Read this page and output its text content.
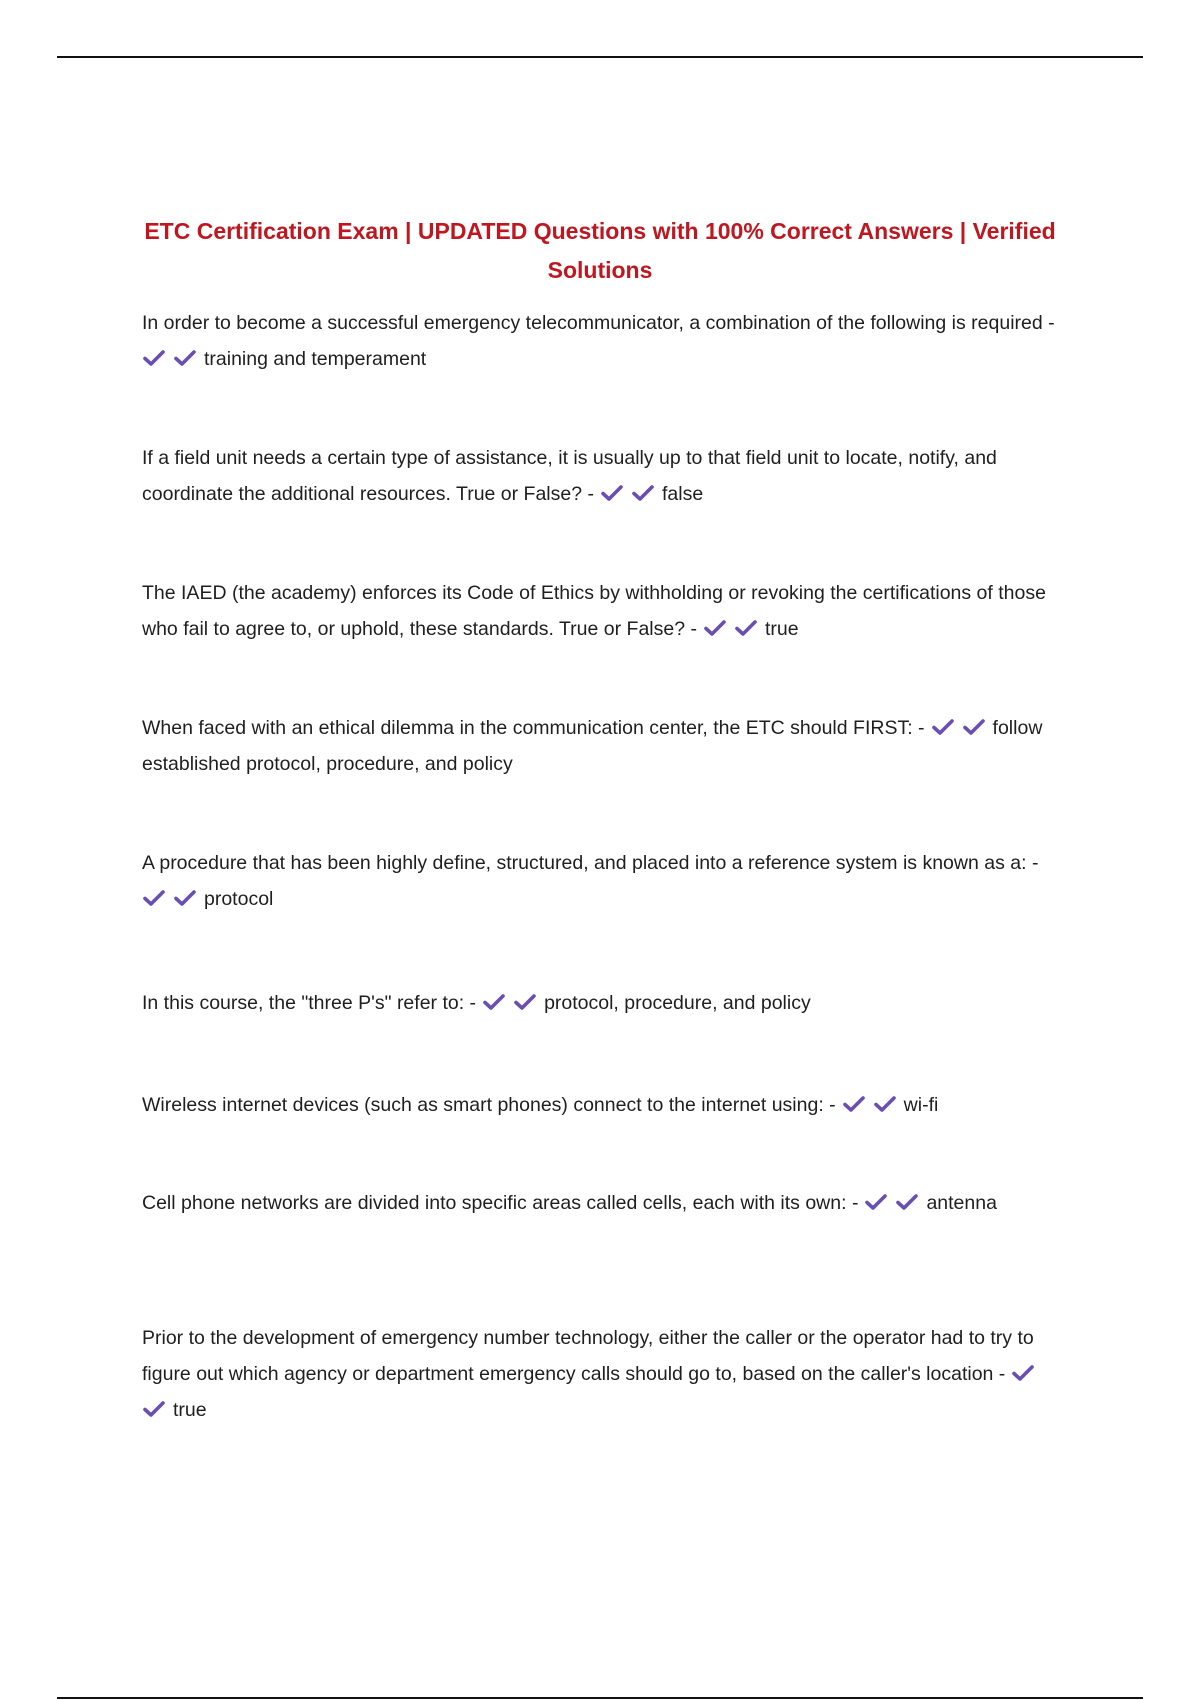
ETC Certification Exam | UPDATED Questions with 100% Correct Answers | Verified Solutions
In order to become a successful emergency telecommunicator, a combination of the following is required -
training and temperament
If a field unit needs a certain type of assistance, it is usually up to that field unit to locate, notify, and coordinate the additional resources. True or False? -	false
The IAED (the academy) enforces its Code of Ethics by withholding or revoking the certifications of those who fail to agree to, or uphold, these standards. True or False? -	true
When faced with an ethical dilemma in the communication center, the ETC should FIRST: -	follow established protocol, procedure, and policy
A procedure that has been highly define, structured, and placed into a reference system is known as a: -
protocol
In this course, the "three P's" refer to: -	protocol, procedure, and policy
Wireless internet devices (such as smart phones) connect to the internet using: -	wi-fi
Cell phone networks are divided into specific areas called cells, each with its own: -	antenna
Prior to the development of emergency number technology, either the caller or the operator had to try to figure out which agency or department emergency calls should go to, based on the caller's location -
true
